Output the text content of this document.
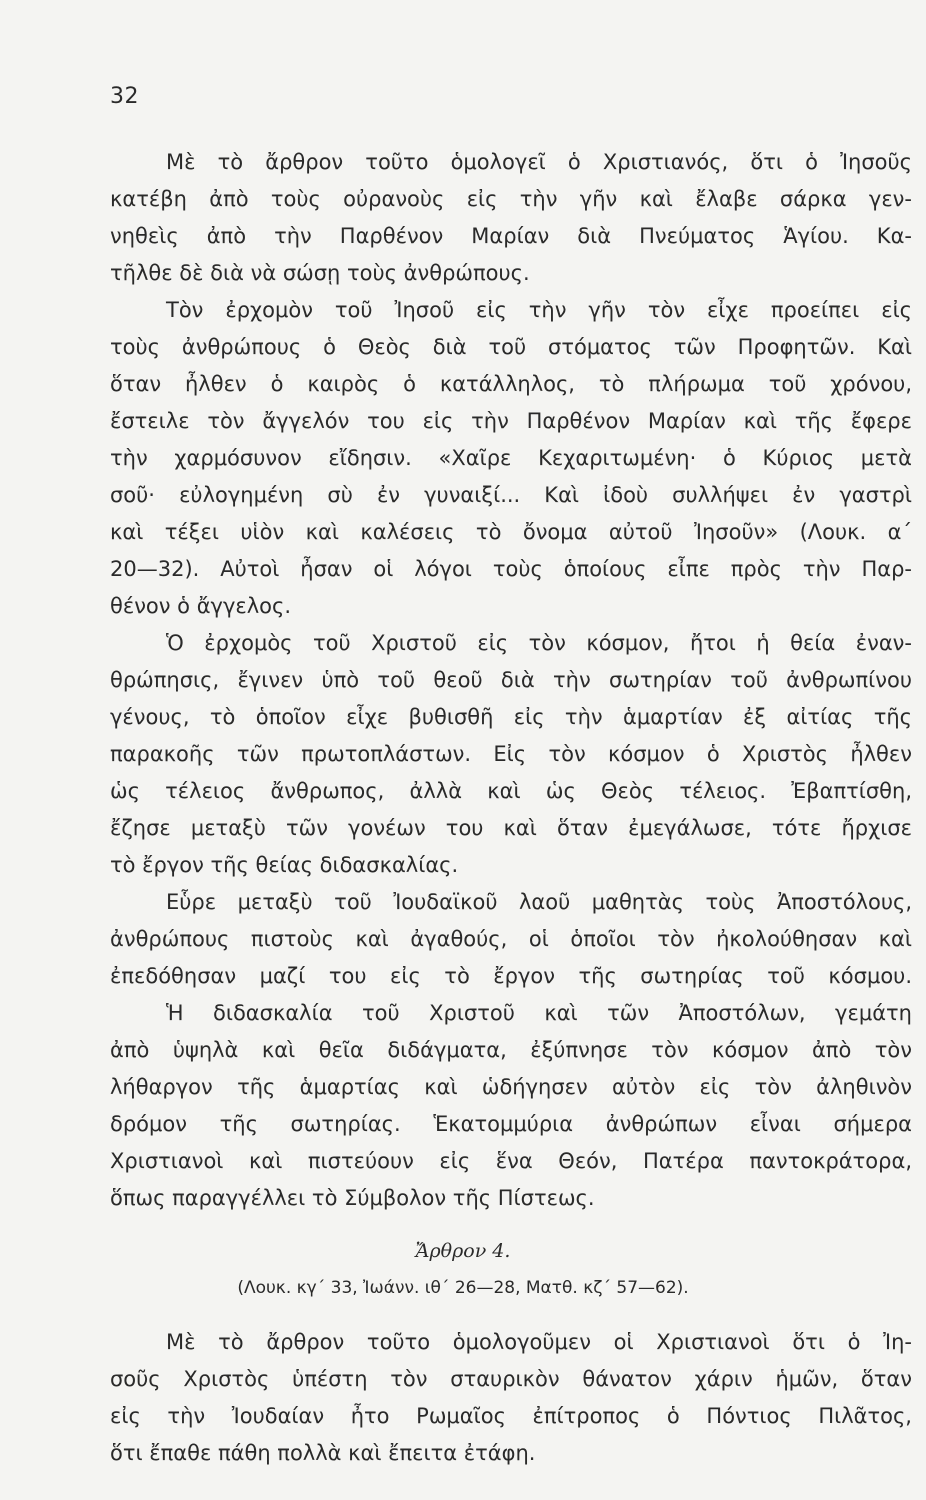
32
Μὲ τὸ ἄρθρον τοῦτο ὁμολογεῖ ὁ Χριστιανός, ὅτι ὁ Ἰησοῦς
κατέβη ἀπὸ τοὺς οὐρανοὺς εἰς τὴν γῆν καὶ ἔλαβε σάρκα γεν-
νηθεὶς ἀπὸ τὴν Παρθένον Μαρίαν διὰ Πνεύματος Ἁγίου. Κα-
τῆλθε δὲ διὰ νὰ σώσῃ τοὺς ἀνθρώπους.
Τὸν ἐρχομὸν τοῦ Ἰησοῦ εἰς τὴν γῆν τὸν εἶχε προείπει εἰς
τοὺς ἀνθρώπους ὁ Θεὸς διὰ τοῦ στόματος τῶν Προφητῶν. Καὶ
ὅταν ἦλθεν ὁ καιρὸς ὁ κατάλληλος, τὸ πλήρωμα τοῦ χρόνου,
ἔστειλε τὸν ἄγγελόν του εἰς τὴν Παρθένον Μαρίαν καὶ τῆς ἔφερε
τὴν χαρμόσυνον εἴδησιν. «Χαῖρε Κεχαριτωμένη· ὁ Κύριος μετὰ
σοῦ· εὐλογημένη σὺ ἐν γυναιξί... Καὶ ἰδοὺ συλλήψει ἐν γαστρὶ
καὶ τέξει υἱὸν καὶ καλέσεις τὸ ὄνομα αὐτοῦ Ἰησοῦν» (Λουκ. α΄
20—32). Αὐτοὶ ἦσαν οἱ λόγοι τοὺς ὁποίους εἶπε πρὸς τὴν Παρ-
θένον ὁ ἄγγελος.
Ὁ ἐρχομὸς τοῦ Χριστοῦ εἰς τὸν κόσμον, ἤτοι ἡ θεία ἐναν-
θρώπησις, ἔγινεν ὑπὸ τοῦ θεοῦ διὰ τὴν σωτηρίαν τοῦ ἀνθρωπίνου
γένους, τὸ ὁποῖον εἶχε βυθισθῆ εἰς τὴν ἁμαρτίαν ἐξ αἰτίας τῆς
παρακοῆς τῶν πρωτοπλάστων. Εἰς τὸν κόσμον ὁ Χριστὸς ἦλθεν
ὡς τέλειος ἄνθρωπος, ἀλλὰ καὶ ὡς Θεὸς τέλειος. Ἐβαπτίσθη,
ἔζησε μεταξὺ τῶν γονέων του καὶ ὅταν ἐμεγάλωσε, τότε ἤρχισε
τὸ ἔργον τῆς θείας διδασκαλίας.
Εὗρε μεταξὺ τοῦ Ἰουδαϊκοῦ λαοῦ μαθητὰς τοὺς Ἀποστόλους,
ἀνθρώπους πιστοὺς καὶ ἀγαθούς, οἱ ὁποῖοι τὸν ἠκολούθησαν καὶ
ἐπεδόθησαν μαζί του εἰς τὸ ἔργον τῆς σωτηρίας τοῦ κόσμου.
Ἡ διδασκαλία τοῦ Χριστοῦ καὶ τῶν Ἀποστόλων, γεμάτη
ἀπὸ ὑψηλὰ καὶ θεῖα διδάγματα, ἐξύπνησε τὸν κόσμον ἀπὸ τὸν
λήθαργον τῆς ἁμαρτίας καὶ ὡδήγησεν αὐτὸν εἰς τὸν ἀληθινὸν
δρόμον τῆς σωτηρίας. Ἑκατομμύρια ἀνθρώπων εἶναι σήμερα
Χριστιανοὶ καὶ πιστεύουν εἰς ἕνα Θεόν, Πατέρα παντοκράτορα,
ὅπως παραγγέλλει τὸ Σύμβολον τῆς Πίστεως.
Ἄρθρον 4.
(Λουκ. κγ΄ 33, Ἰωάνν. ιθ΄ 26—28, Ματθ. κζ΄ 57—62).
Μὲ τὸ ἄρθρον τοῦτο ὁμολογοῦμεν οἱ Χριστιανοὶ ὅτι ὁ Ἰη-
σοῦς Χριστὸς ὑπέστη τὸν σταυρικὸν θάνατον χάριν ἡμῶν, ὅταν
εἰς τὴν Ἰουδαίαν ἦτο Ρωμαῖος ἐπίτροπος ὁ Πόντιος Πιλᾶτος,
ὅτι ἔπαθε πάθη πολλὰ καὶ ἔπειτα ἐτάφη.
